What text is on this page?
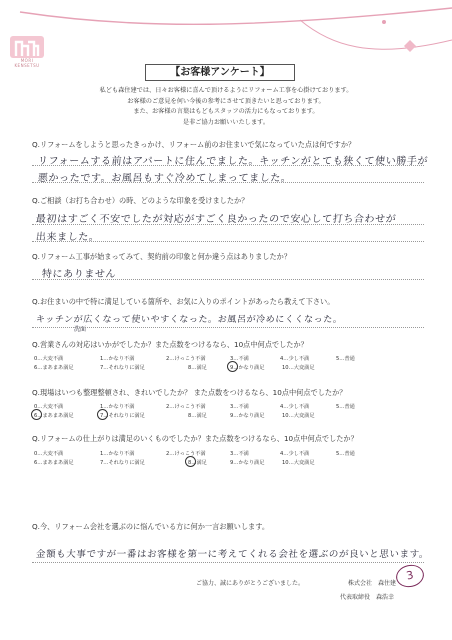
MORI KENSETSU
【お客様アンケート】
私ども森住建では、日々お客様に喜んで頂けるようにリフォーム工事を心掛けております。
お客様のご意見を何い今後の参考にさせて頂きたいと思っております。
また、お客様の言葉はもどもスタッフの活力にもなっております。
是非ご協力お願いいたします。
Q.リフォームをしようと思ったきっかけ、リフォーム前のお住まいで気になっていた点は何ですか？
リフォームする前はアパートに住んでました。キッチンがとても狭くて使い勝手が
悪かったです。お風呂もすぐ冷めてしまってました。
Q.ご相談（お打ち合わせ）の時、どのような印象を受けましたか？
最初はすごく不安でしたが対応がすごく良かったので安心して打ち合わせが
出来ました。
Q.リフォーム工事が始まってみて、契約前の印象と何か違う点はありましたか？
特にありません
Q.お住まいの中で特に満足している箇所や、お気に入りのポイントがあったら教えて下さい。
洗面
キッチンが広くなって使いやすくなった。お風呂が冷めにくくなった。
Q.営業さんの対応はいかがでしたか？また点数をつけるなら、10点中何点でしたか？
0…大変不満	1…かなり不満	2…けっこう不満	3…不満	4…少し不満	5…普通
6…まあまあ満足	7…それなりに満足	8…満足	9…かなり満足	10…大変満足
Q.現場はいつも整理整頓され、きれいでしたか？ また点数をつけるなら、10点中何点でしたか？
0…大変不満	1…かなり不満	2…けっこう不満	3…不満	4…少し不満	5…普通
6…まあまあ満足	7…それなりに満足	8…満足	9…かなり満足	10…大変満足
Q.リフォームの仕上がりは満足のいくものでしたか？また点数をつけるなら、10点中何点でしたか？
0…大変不満	1…かなり不満	2…けっこう不満	3…不満	4…少し不満	5…普通
6…まあまあ満足	7…それなりに満足	8…満足	9…かなり満足	10…大変満足
Q.今、リフォーム会社を選ぶのに悩んでいる方に何か一言お願いします。
金額も大事ですが一番はお客様を第一に考えてくれる会社を選ぶのが良いと思います。
3
ご協力、誠にありがとうございました。	株式会社　森住建
代表取締役　森浩幸
